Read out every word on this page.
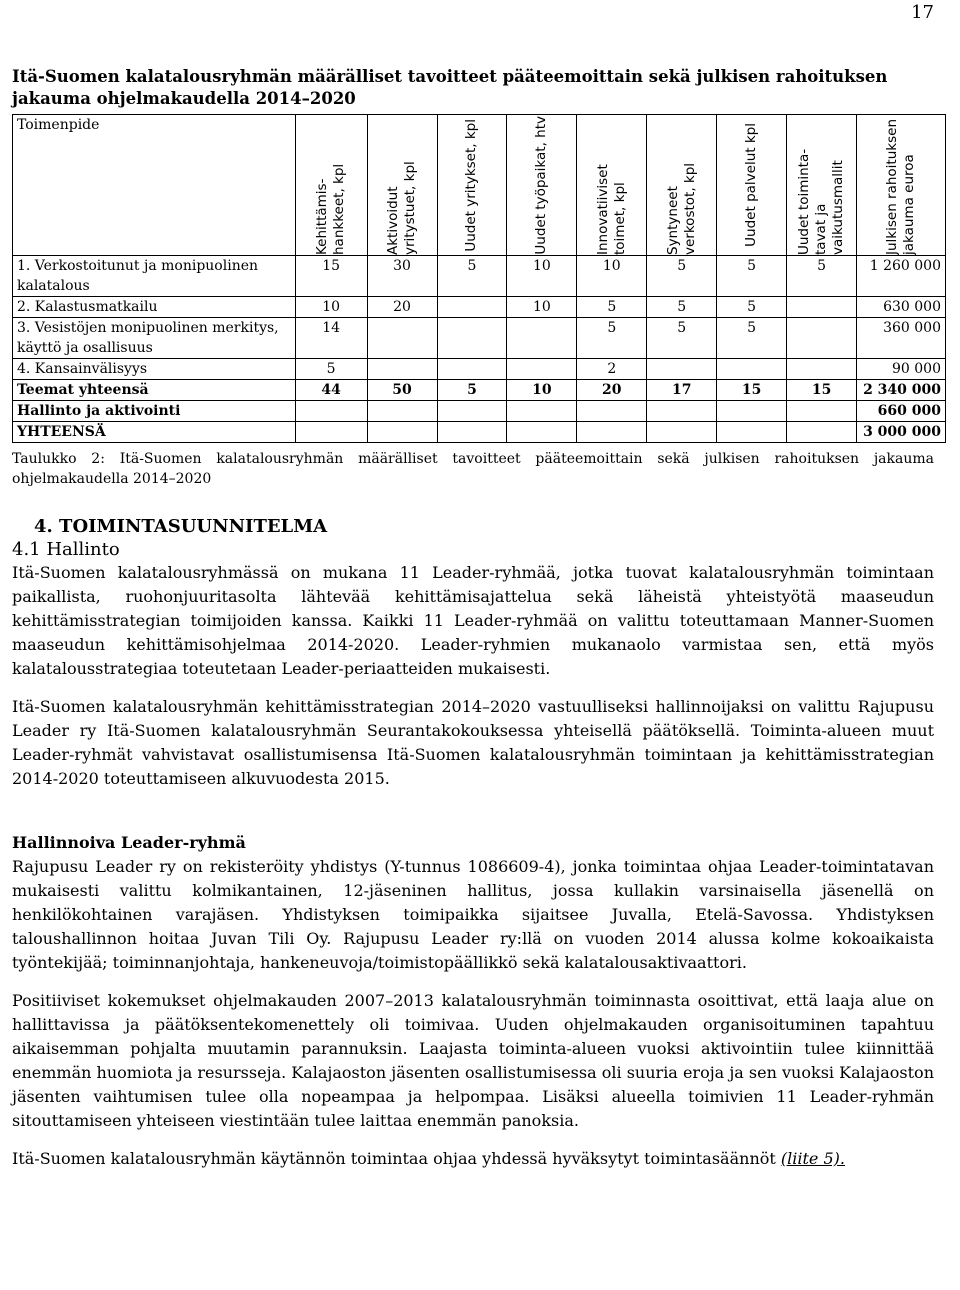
17
Itä-Suomen kalatalousryhmän määrälliset tavoitteet pääteemoittain sekä julkisen rahoituksen jakauma ohjelmakaudella 2014–2020
Toimenpide	Kehittämis-hankkeet, kpl	Aktivoidut yritystuet, kpl	Uudet yritykset, kpl	Uudet työpaikat, htv	Innovatiiviset toimet, kpl	Syntyneet verkostot, kpl	Uudet palvelut kpl	Uudet toiminta-tavat ja vaikutusmallit	Julkisen rahoituksen jakauma euroa

1. Verkostoitunut ja monipuolinen kalatalous	15	30	5	10	10	5	5	5	1 260 000
2. Kalastusmatkailu	10	20		10	5	5	5		630 000
3. Vesistöjen monipuolinen merkitys, käyttö ja osallisuus	14				5	5	5		360 000
4. Kansainvälisyys	5				2				90 000
Teemat yhteensä	44	50	5	10	20	17	15	15	2 340 000
Hallinto ja aktivointi									660 000
YHTEENSÄ									3 000 000
Taulukko 2: Itä-Suomen kalatalousryhmän määrälliset tavoitteet pääteemoittain sekä julkisen rahoituksen jakauma ohjelmakaudella 2014–2020
4. TOIMINTASUUNNITELMA
4.1 Hallinto

Itä-Suomen kalatalousryhmässä on mukana 11 Leader-ryhmää, jotka tuovat kalatalousryhmän toimintaan paikallista, ruohonjuuritasolta lähtevää kehittämisajattelua sekä läheistä yhteistyötä maaseudun kehittämisstrategian toimijoiden kanssa. Kaikki 11 Leader-ryhmää on valittu toteuttamaan Manner-Suomen maaseudun kehittämisohjelmaa 2014-2020. Leader-ryhmien mukanaolo varmistaa sen, että myös kalatalousstrategiaa toteutetaan Leader-periaatteiden mukaisesti.

Itä-Suomen kalatalousryhmän kehittämisstrategian 2014–2020 vastuulliseksi hallinnoijaksi on valittu Rajupusu Leader ry Itä-Suomen kalatalousryhmän Seurantakokouksessa yhteisellä päätöksellä. Toiminta-alueen muut Leader-ryhmät vahvistavat osallistumisensa Itä-Suomen kalatalousryhmän toimintaan ja kehittämisstrategian 2014-2020 toteuttamiseen alkuvuodesta 2015.

Hallinnoiva Leader-ryhmä

Rajupusu Leader ry on rekisteröity yhdistys (Y-tunnus 1086609-4), jonka toimintaa ohjaa Leader-toimintatavan mukaisesti valittu kolmikantainen, 12-jäseninen hallitus, jossa kullakin varsinaisella jäsenellä on henkilökohtainen varajäsen. Yhdistyksen toimipaikka sijaitsee Juvalla, Etelä-Savossa. Yhdistyksen taloushallinnon hoitaa Juvan Tili Oy. Rajupusu Leader ry:llä on vuoden 2014 alussa kolme kokoaikaista työntekijää; toiminnanjohtaja, hankeneuvoja/toimistopäällikkö sekä kalatalousaktivaattori.

Positiiviset kokemukset ohjelmakauden 2007–2013 kalatalousryhmän toiminnasta osoittivat, että laaja alue on hallittavissa ja päätöksentekomenettely oli toimivaa. Uuden ohjelmakauden organisoituminen tapahtuu aikaisemman pohjalta muutamin parannuksin. Laajasta toiminta-alueen vuoksi aktivointiin tulee kiinnittää enemmän huomiota ja resursseja. Kalajaoston jäsenten osallistumisessa oli suuria eroja ja sen vuoksi Kalajaoston jäsenten vaihtumisen tulee olla nopeampaa ja helpompaa. Lisäksi alueella toimivien 11 Leader-ryhmän sitouttamiseen yhteiseen viestintään tulee laittaa enemmän panoksia.

Itä-Suomen kalatalousryhmän käytännön toimintaa ohjaa yhdessä hyväksytyt toimintasäännöt (liite 5).
